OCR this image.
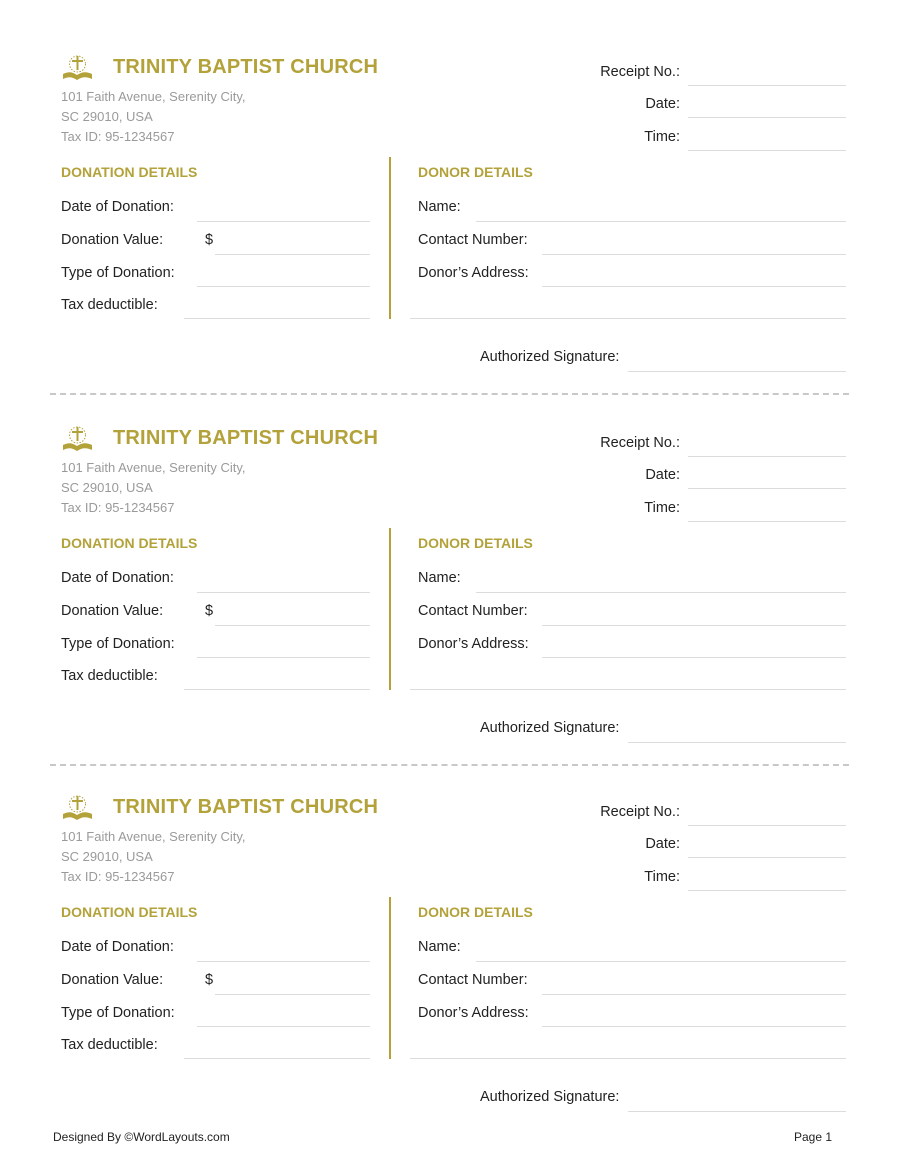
TRINITY BAPTIST CHURCH
101 Faith Avenue, Serenity City,
SC 29010, USA
Tax ID: 95-1234567
Receipt No.:
Date:
Time:
DONATION DETAILS	DONOR DETAILS
Date of Donation:
Donation Value:	$
Type of Donation:
Tax deductible:
Name:
Contact Number:
Donor’s Address:
Authorized Signature:
TRINITY BAPTIST CHURCH
101 Faith Avenue, Serenity City,
SC 29010, USA
Tax ID: 95-1234567
Receipt No.:
Date:
Time:
DONATION DETAILS	DONOR DETAILS
Date of Donation:
Donation Value:	$
Type of Donation:
Tax deductible:
Name:
Contact Number:
Donor’s Address:
Authorized Signature:
TRINITY BAPTIST CHURCH
101 Faith Avenue, Serenity City,
SC 29010, USA
Tax ID: 95-1234567
Receipt No.:
Date:
Time:
DONATION DETAILS	DONOR DETAILS
Date of Donation:
Donation Value:	$
Type of Donation:
Tax deductible:
Name:
Contact Number:
Donor’s Address:
Authorized Signature:
Designed By ©WordLayouts.com	Page 1
